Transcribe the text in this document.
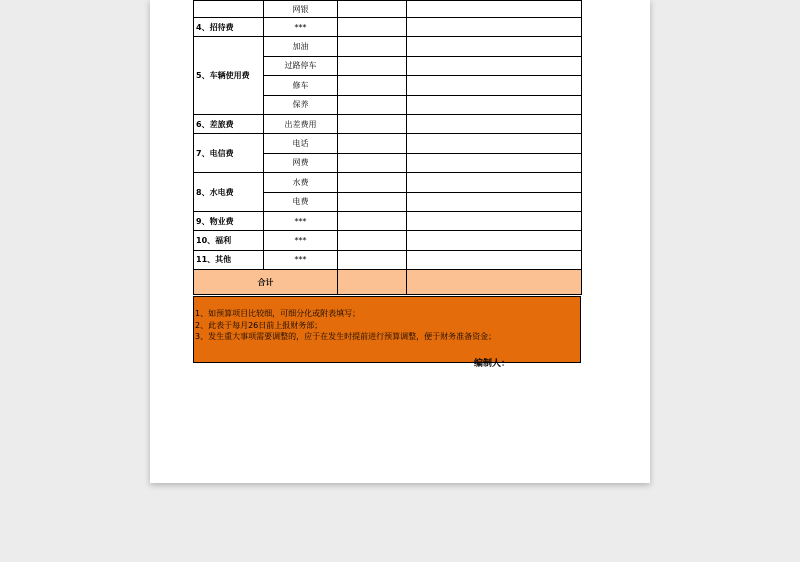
	网银		
4、招待费	***		
5、车辆使用费	加油		
	过路停车		
	修车		
	保养		
6、差旅费	出差费用		
7、电信费	电话		
	网费		
8、水电费	水费		
	电费		
9、物业费	***		
10、福利	***		
11、其他	***		
合计			
1、如预算项目比较细，可细分化或附表填写；
2、此表于每月26日前上报财务部；
3、发生重大事项需要调整的，应于在发生时提前进行预算调整，便于财务准备资金；
编制人：
